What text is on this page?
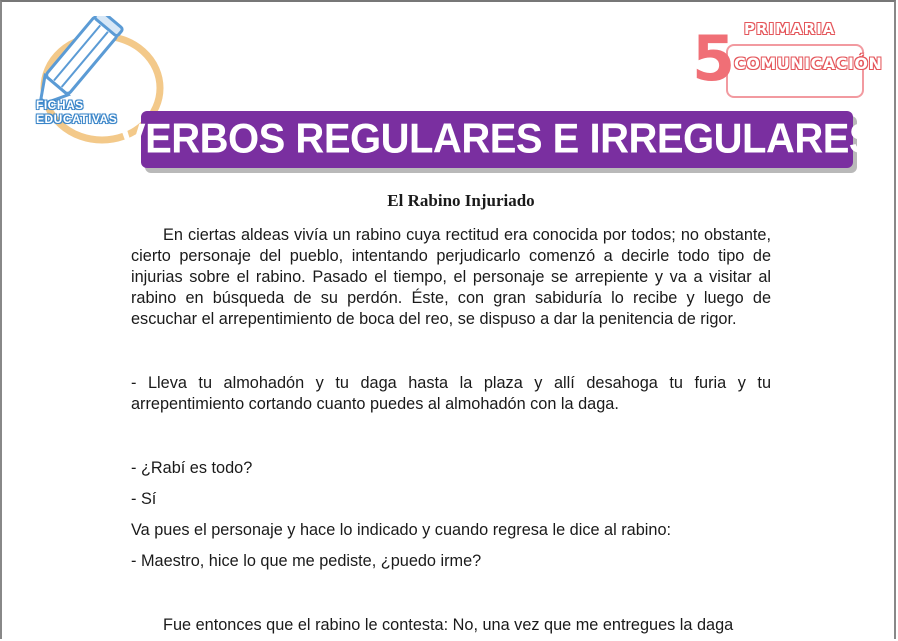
FICHAS
EDUCATIVAS
5 PRIMARIA
COMUNICACIÓN
VERBOS REGULARES E IRREGULARES
El Rabino Injuriado

En ciertas aldeas vivía un rabino cuya rectitud era conocida por todos; no obstante, cierto personaje del pueblo, intentando perjudicarlo comenzó a decirle todo tipo de injurias sobre el rabino. Pasado el tiempo, el personaje se arrepiente y va a visitar al rabino en búsqueda de su perdón. Éste, con gran sabiduría lo recibe y luego de escuchar el arrepentimiento de boca del reo, se dispuso a dar la penitencia de rigor.

- Lleva tu almohadón y tu daga hasta la plaza y allí desahoga tu furia y tu arrepentimiento cortando cuanto puedes al almohadón con la daga.

- ¿Rabí es todo?

- Sí

Va pues el personaje y hace lo indicado y cuando regresa le dice al rabino:

- Maestro, hice lo que me pediste, ¿puedo irme?

Fue entonces que el rabino le contesta: No, una vez que me entregues la daga
